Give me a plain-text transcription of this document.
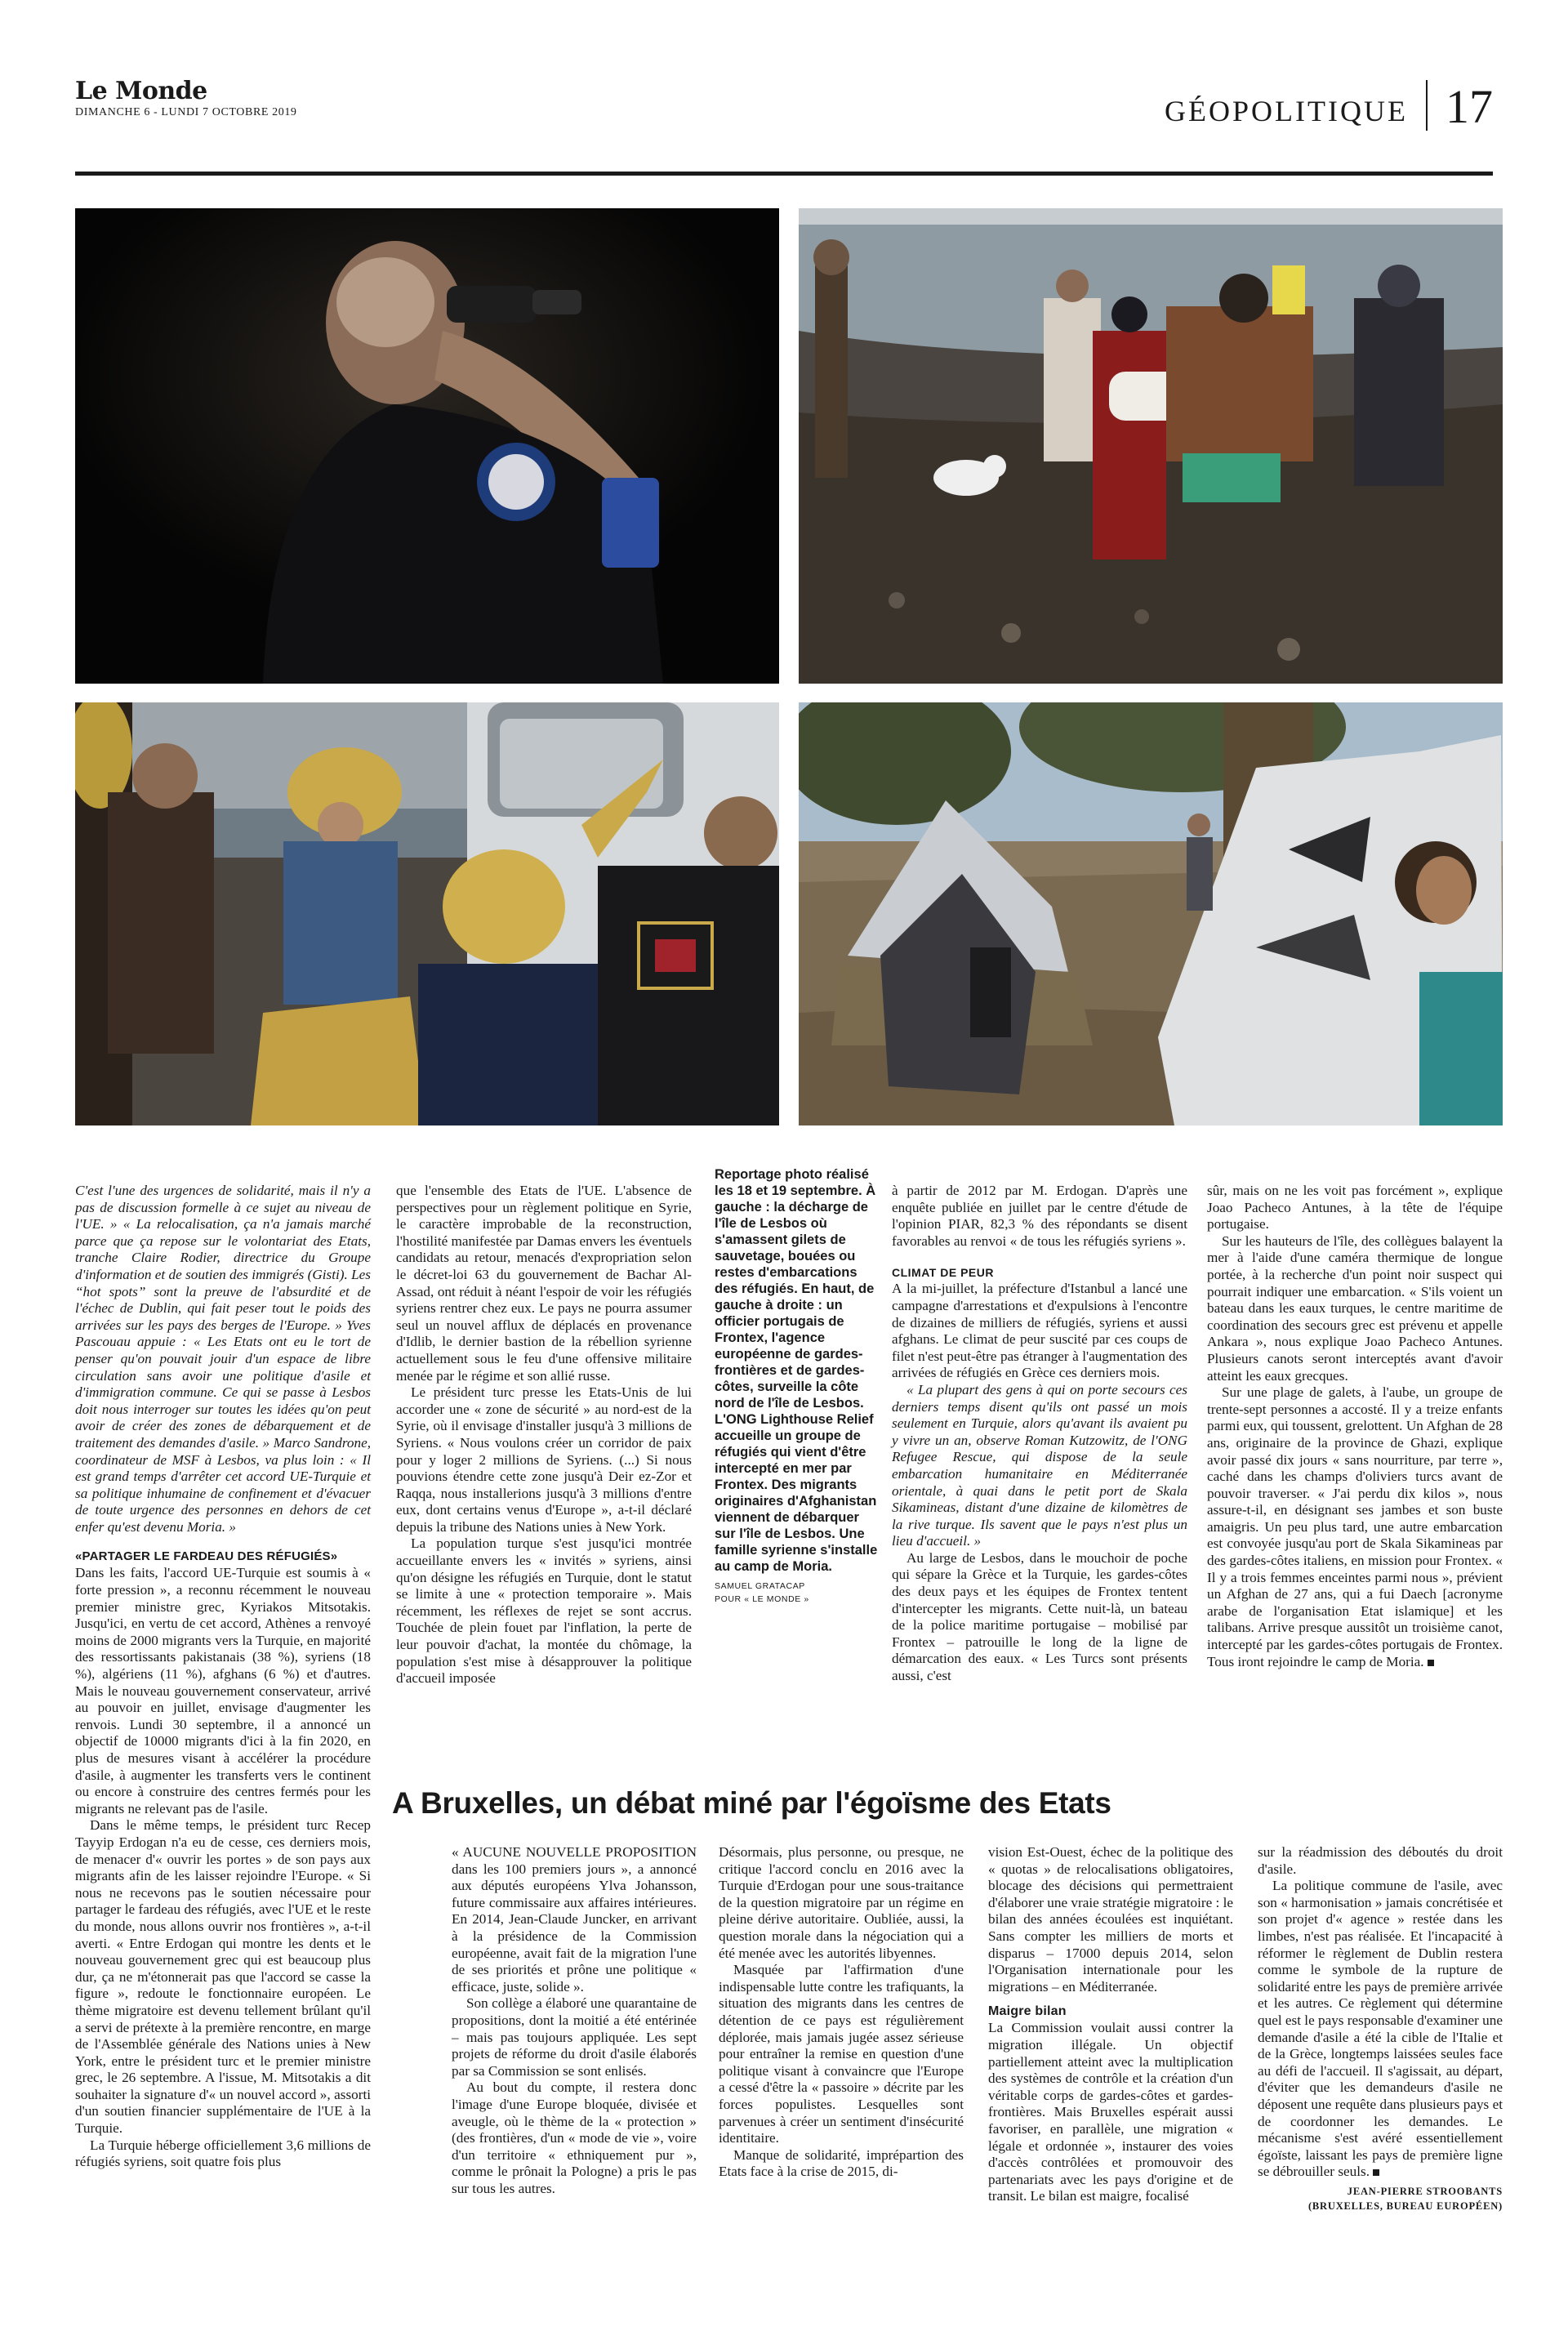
Le Monde
DIMANCHE 6 - LUNDI 7 OCTOBRE 2019	GÉOPOLITIQUE 17

C'est l'une des urgences de solidarité, mais il n'y a pas de discussion formelle à ce sujet au niveau de l'UE. » « La relocalisation, ça n'a jamais marché parce que ça repose sur le volontariat des Etats, tranche Claire Rodier, directrice du Groupe d'information et de soutien des immigrés (Gisti). Les “hot spots” sont la preuve de l'absurdité et de l'échec de Dublin, qui fait peser tout le poids des arrivées sur les pays des berges de l'Europe. » Yves Pascouau appuie : « Les Etats ont eu le tort de penser qu'on pouvait jouir d'un espace de libre circulation sans avoir une politique d'asile et d'immigration commune. Ce qui se passe à Lesbos doit nous interroger sur toutes les idées qu'on peut avoir de créer des zones de débarquement et de traitement des demandes d'asile. » Marco Sandrone, coordinateur de MSF à Lesbos, va plus loin : « Il est grand temps d'arrêter cet accord UE-Turquie et sa politique inhumaine de confinement et d'évacuer de toute urgence des personnes en dehors de cet enfer qu'est devenu Moria. »

«PARTAGER LE FARDEAU DES RÉFUGIÉS»

Dans les faits, l'accord UE-Turquie est soumis à « forte pression », a reconnu récemment le nouveau premier ministre grec, Kyriakos Mitsotakis. Jusqu'ici, en vertu de cet accord, Athènes a renvoyé moins de 2000 migrants vers la Turquie, en majorité des ressortissants pakistanais (38 %), syriens (18 %), algériens (11 %), afghans (6 %) et d'autres. Mais le nouveau gouvernement conservateur, arrivé au pouvoir en juillet, envisage d'augmenter les renvois. Lundi 30 septembre, il a annoncé un objectif de 10000 migrants d'ici à la fin 2020, en plus de mesures visant à accélérer la procédure d'asile, à augmenter les transferts vers le continent ou encore à construire des centres fermés pour les migrants ne relevant pas de l'asile.

Dans le même temps, le président turc Recep Tayyip Erdogan n'a eu de cesse, ces derniers mois, de menacer d'« ouvrir les portes » de son pays aux migrants afin de les laisser rejoindre l'Europe. « Si nous ne recevons pas le soutien nécessaire pour partager le fardeau des réfugiés, avec l'UE et le reste du monde, nous allons ouvrir nos frontières », a-t-il averti. « Entre Erdogan qui montre les dents et le nouveau gouvernement grec qui est beaucoup plus dur, ça ne m'étonnerait pas que l'accord se casse la figure », redoute le fonctionnaire européen. Le thème migratoire est devenu tellement brûlant qu'il a servi de prétexte à la première rencontre, en marge de l'Assemblée générale des Nations unies à New York, entre le président turc et le premier ministre grec, le 26 septembre. A l'issue, M. Mitsotakis a dit souhaiter la signature d'« un nouvel accord », assorti d'un soutien financier supplémentaire de l'UE à la Turquie.

La Turquie héberge officiellement 3,6 millions de réfugiés syriens, soit quatre fois plus

que l'ensemble des Etats de l'UE. L'absence de perspectives pour un règlement politique en Syrie, le caractère improbable de la reconstruction, l'hostilité manifestée par Damas envers les éventuels candidats au retour, menacés d'expropriation selon le décret-loi 63 du gouvernement de Bachar Al-Assad, ont réduit à néant l'espoir de voir les réfugiés syriens rentrer chez eux. Le pays ne pourra assumer seul un nouvel afflux de déplacés en provenance d'Idlib, le dernier bastion de la rébellion syrienne actuellement sous le feu d'une offensive militaire menée par le régime et son allié russe.

Le président turc presse les Etats-Unis de lui accorder une « zone de sécurité » au nord-est de la Syrie, où il envisage d'installer jusqu'à 3 millions de Syriens. « Nous voulons créer un corridor de paix pour y loger 2 millions de Syriens. (...) Si nous pouvions étendre cette zone jusqu'à Deir ez-Zor et Raqqa, nous installerions jusqu'à 3 millions d'entre eux, dont certains venus d'Europe », a-t-il déclaré depuis la tribune des Nations unies à New York.

La population turque s'est jusqu'ici montrée accueillante envers les « invités » syriens, ainsi qu'on désigne les réfugiés en Turquie, dont le statut se limite à une « protection temporaire ». Mais récemment, les réflexes de rejet se sont accrus. Touchée de plein fouet par l'inflation, la perte de leur pouvoir d'achat, la montée du chômage, la population s'est mise à désapprouver la politique d'accueil imposée

Reportage photo réalisé les 18 et 19 septembre. À gauche : la décharge de l'île de Lesbos où s'amassent gilets de sauvetage, bouées ou restes d'embarcations des réfugiés. En haut, de gauche à droite : un officier portugais de Frontex, l'agence européenne de gardes-frontières et de gardes-côtes, surveille la côte nord de l'île de Lesbos. L'ONG Lighthouse Relief accueille un groupe de réfugiés qui vient d'être intercepté en mer par Frontex. Des migrants originaires d'Afghanistan viennent de débarquer sur l'île de Lesbos. Une famille syrienne s'installe au camp de Moria.
SAMUEL GRATACAP
POUR « LE MONDE »

à partir de 2012 par M. Erdogan. D'après une enquête publiée en juillet par le centre d'étude de l'opinion PIAR, 82,3 % des répondants se disent favorables au renvoi « de tous les réfugiés syriens ».

CLIMAT DE PEUR

A la mi-juillet, la préfecture d'Istanbul a lancé une campagne d'arrestations et d'expulsions à l'encontre de dizaines de milliers de réfugiés, syriens et aussi afghans. Le climat de peur suscité par ces coups de filet n'est peut-être pas étranger à l'augmentation des arrivées de réfugiés en Grèce ces derniers mois.

« La plupart des gens à qui on porte secours ces derniers temps disent qu'ils ont passé un mois seulement en Turquie, alors qu'avant ils avaient pu y vivre un an, observe Roman Kutzowitz, de l'ONG Refugee Rescue, qui dispose de la seule embarcation humanitaire en Méditerranée orientale, à quai dans le petit port de Skala Sikamineas, distant d'une dizaine de kilomètres de la rive turque. Ils savent que le pays n'est plus un lieu d'accueil. »

Au large de Lesbos, dans le mouchoir de poche qui sépare la Grèce et la Turquie, les gardes-côtes des deux pays et les équipes de Frontex tentent d'intercepter les migrants. Cette nuit-là, un bateau de la police maritime portugaise – mobilisé par Frontex – patrouille le long de la ligne de démarcation des eaux. « Les Turcs sont présents aussi, c'est

sûr, mais on ne les voit pas forcément », explique Joao Pacheco Antunes, à la tête de l'équipe portugaise.

Sur les hauteurs de l'île, des collègues balayent la mer à l'aide d'une caméra thermique de longue portée, à la recherche d'un point noir suspect qui pourrait indiquer une embarcation. « S'ils voient un bateau dans les eaux turques, le centre maritime de coordination des secours grec est prévenu et appelle Ankara », nous explique Joao Pacheco Antunes. Plusieurs canots seront interceptés avant d'avoir atteint les eaux grecques.

Sur une plage de galets, à l'aube, un groupe de trente-sept personnes a accosté. Il y a treize enfants parmi eux, qui toussent, grelottent. Un Afghan de 28 ans, originaire de la province de Ghazi, explique avoir passé dix jours « sans nourriture, par terre », caché dans les champs d'oliviers turcs avant de pouvoir traverser. « J'ai perdu dix kilos », nous assure-t-il, en désignant ses jambes et son buste amaigris. Un peu plus tard, une autre embarcation est convoyée jusqu'au port de Skala Sikamineas par des gardes-côtes italiens, en mission pour Frontex. « Il y a trois femmes enceintes parmi nous », prévient un Afghan de 27 ans, qui a fui Daech [acronyme arabe de l'organisation Etat islamique] et les talibans. Arrive presque aussitôt un troisième canot, intercepté par les gardes-côtes portugais de Frontex. Tous iront rejoindre le camp de Moria.

A Bruxelles, un débat miné par l'égoïsme des Etats

« AUCUNE NOUVELLE PROPOSITION dans les 100 premiers jours », a annoncé aux députés européens Ylva Johansson, future commissaire aux affaires intérieures. En 2014, Jean-Claude Juncker, en arrivant à la présidence de la Commission européenne, avait fait de la migration l'une de ses priorités et prône une politique « efficace, juste, solide ».

Son collège a élaboré une quarantaine de propositions, dont la moitié a été entérinée – mais pas toujours appliquée. Les sept projets de réforme du droit d'asile élaborés par sa Commission se sont enlisés.

Au bout du compte, il restera donc l'image d'une Europe bloquée, divisée et aveugle, où le thème de la « protection » (des frontières, d'un « mode de vie », voire d'un territoire « ethniquement pur », comme le prônait la Pologne) a pris le pas sur tous les autres.

Désormais, plus personne, ou presque, ne critique l'accord conclu en 2016 avec la Turquie d'Erdogan pour une sous-traitance de la question migratoire par un régime en pleine dérive autoritaire. Oubliée, aussi, la question morale dans la négociation qui a été menée avec les autorités libyennes.

Masquée par l'affirmation d'une indispensable lutte contre les trafiquants, la situation des migrants dans les centres de détention de ce pays est régulièrement déplorée, mais jamais jugée assez sérieuse pour entraîner la remise en question d'une politique visant à convaincre que l'Europe a cessé d'être la « passoire » décrite par les forces populistes. Lesquelles sont parvenues à créer un sentiment d'insécurité identitaire.

Manque de solidarité, imprépartion des Etats face à la crise de 2015, di-

vision Est-Ouest, échec de la politique des « quotas » de relocalisations obligatoires, blocage des décisions qui permettraient d'élaborer une vraie stratégie migratoire : le bilan des années écoulées est inquiétant. Sans compter les milliers de morts et disparus – 17000 depuis 2014, selon l'Organisation internationale pour les migrations – en Méditerranée.

Maigre bilan

La Commission voulait aussi contrer la migration illégale. Un objectif partiellement atteint avec la multiplication des systèmes de contrôle et la création d'un véritable corps de gardes-côtes et gardes-frontières. Mais Bruxelles espérait aussi favoriser, en parallèle, une migration « légale et ordonnée », instaurer des voies d'accès contrôlées et promouvoir des partenariats avec les pays d'origine et de transit. Le bilan est maigre, focalisé

sur la réadmission des déboutés du droit d'asile.

La politique commune de l'asile, avec son « harmonisation » jamais concrétisée et son projet d'« agence » restée dans les limbes, n'est pas réalisée. Et l'incapacité à réformer le règlement de Dublin restera comme le symbole de la rupture de solidarité entre les pays de première arrivée et les autres. Ce règlement qui détermine quel est le pays responsable d'examiner une demande d'asile a été la cible de l'Italie et de la Grèce, longtemps laissées seules face au défi de l'accueil. Il s'agissait, au départ, d'éviter que les demandeurs d'asile ne déposent une requête dans plusieurs pays et de coordonner les demandes. Le mécanisme s'est avéré essentiellement égoïste, laissant les pays de première ligne se débrouiller seuls.

JEAN-PIERRE STROOBANTS
(BRUXELLES, BUREAU EUROPÉEN)
